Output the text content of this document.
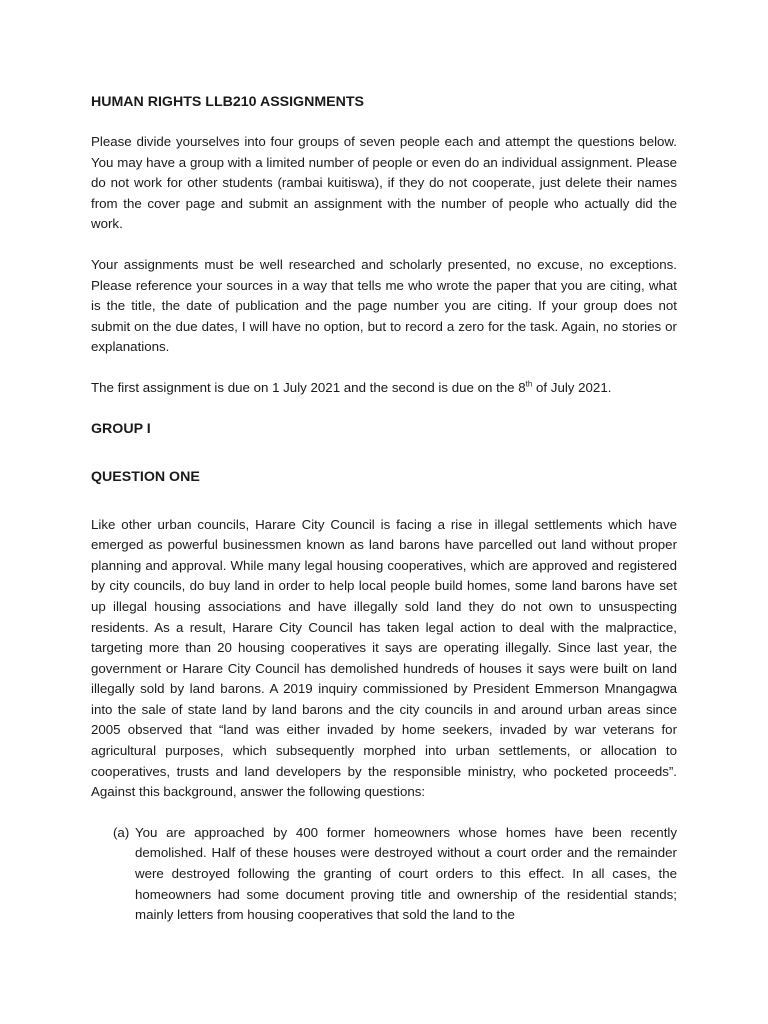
HUMAN RIGHTS LLB210 ASSIGNMENTS

Please divide yourselves into four groups of seven people each and attempt the questions below. You may have a group with a limited number of people or even do an individual assignment. Please do not work for other students (rambai kuitiswa), if they do not cooperate, just delete their names from the cover page and submit an assignment with the number of people who actually did the work.

Your assignments must be well researched and scholarly presented, no excuse, no exceptions. Please reference your sources in a way that tells me who wrote the paper that you are citing, what is the title, the date of publication and the page number you are citing. If your group does not submit on the due dates, I will have no option, but to record a zero for the task. Again, no stories or explanations.

The first assignment is due on 1 July 2021 and the second is due on the 8th of July 2021.

GROUP I
QUESTION ONE

Like other urban councils, Harare City Council is facing a rise in illegal settlements which have emerged as powerful businessmen known as land barons have parcelled out land without proper planning and approval. While many legal housing cooperatives, which are approved and registered by city councils, do buy land in order to help local people build homes, some land barons have set up illegal housing associations and have illegally sold land they do not own to unsuspecting residents. As a result, Harare City Council has taken legal action to deal with the malpractice, targeting more than 20 housing cooperatives it says are operating illegally. Since last year, the government or Harare City Council has demolished hundreds of houses it says were built on land illegally sold by land barons. A 2019 inquiry commissioned by President Emmerson Mnangagwa into the sale of state land by land barons and the city councils in and around urban areas since 2005 observed that “land was either invaded by home seekers, invaded by war veterans for agricultural purposes, which subsequently morphed into urban settlements, or allocation to cooperatives, trusts and land developers by the responsible ministry, who pocketed proceeds”. Against this background, answer the following questions:

(a) You are approached by 400 former homeowners whose homes have been recently demolished. Half of these houses were destroyed without a court order and the remainder were destroyed following the granting of court orders to this effect. In all cases, the homeowners had some document proving title and ownership of the residential stands; mainly letters from housing cooperatives that sold the land to the
